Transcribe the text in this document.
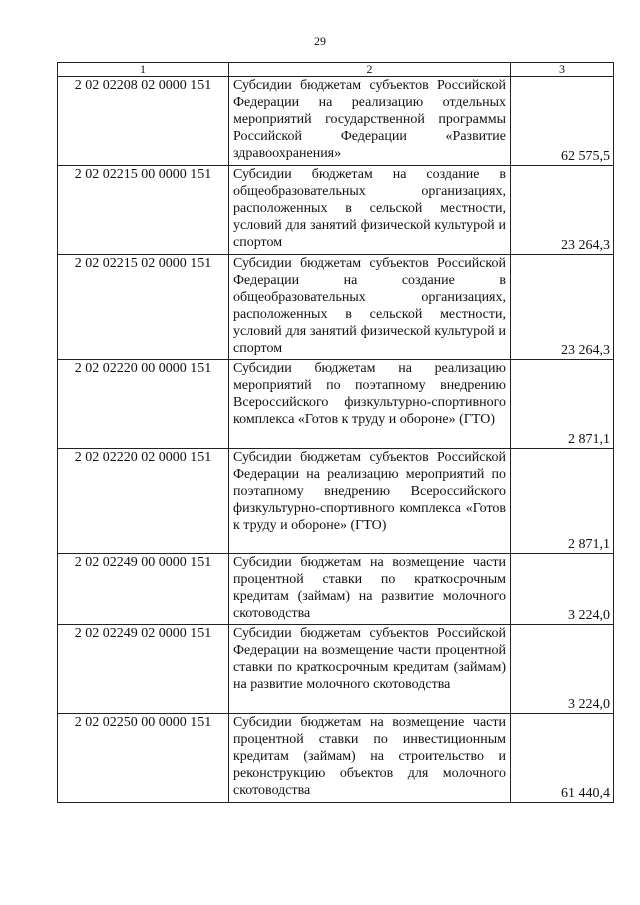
29
1	2	3
2 02 02208 02 0000 151	Субсидии бюджетам субъектов Российской Федерации на реализацию отдельных мероприятий государственной программы Российской Федерации «Развитие здравоохранения»	62 575,5
2 02 02215 00 0000 151	Субсидии бюджетам на создание в общеобразовательных организациях, расположенных в сельской местности, условий для занятий физической культурой и спортом	23 264,3
2 02 02215 02 0000 151	Субсидии бюджетам субъектов Российской Федерации на создание в общеобразовательных организациях, расположенных в сельской местности, условий для занятий физической культурой и спортом	23 264,3
2 02 02220 00 0000 151	Субсидии бюджетам на реализацию мероприятий по поэтапному внедрению Всероссийского физкультурно-спортивного комплекса «Готов к труду и обороне» (ГТО)	2 871,1
2 02 02220 02 0000 151	Субсидии бюджетам субъектов Российской Федерации на реализацию мероприятий по поэтапному внедрению Всероссийского физкультурно-спортивного комплекса «Готов к труду и обороне» (ГТО)	2 871,1
2 02 02249 00 0000 151	Субсидии бюджетам на возмещение части процентной ставки по краткосрочным кредитам (займам) на развитие молочного скотоводства	3 224,0
2 02 02249 02 0000 151	Субсидии бюджетам субъектов Российской Федерации на возмещение части процентной ставки по краткосрочным кредитам (займам) на развитие молочного скотоводства	3 224,0
2 02 02250 00 0000 151	Субсидии бюджетам на возмещение части процентной ставки по инвестиционным кредитам (займам) на строительство и реконструкцию объектов для молочного скотоводства	61 440,4
